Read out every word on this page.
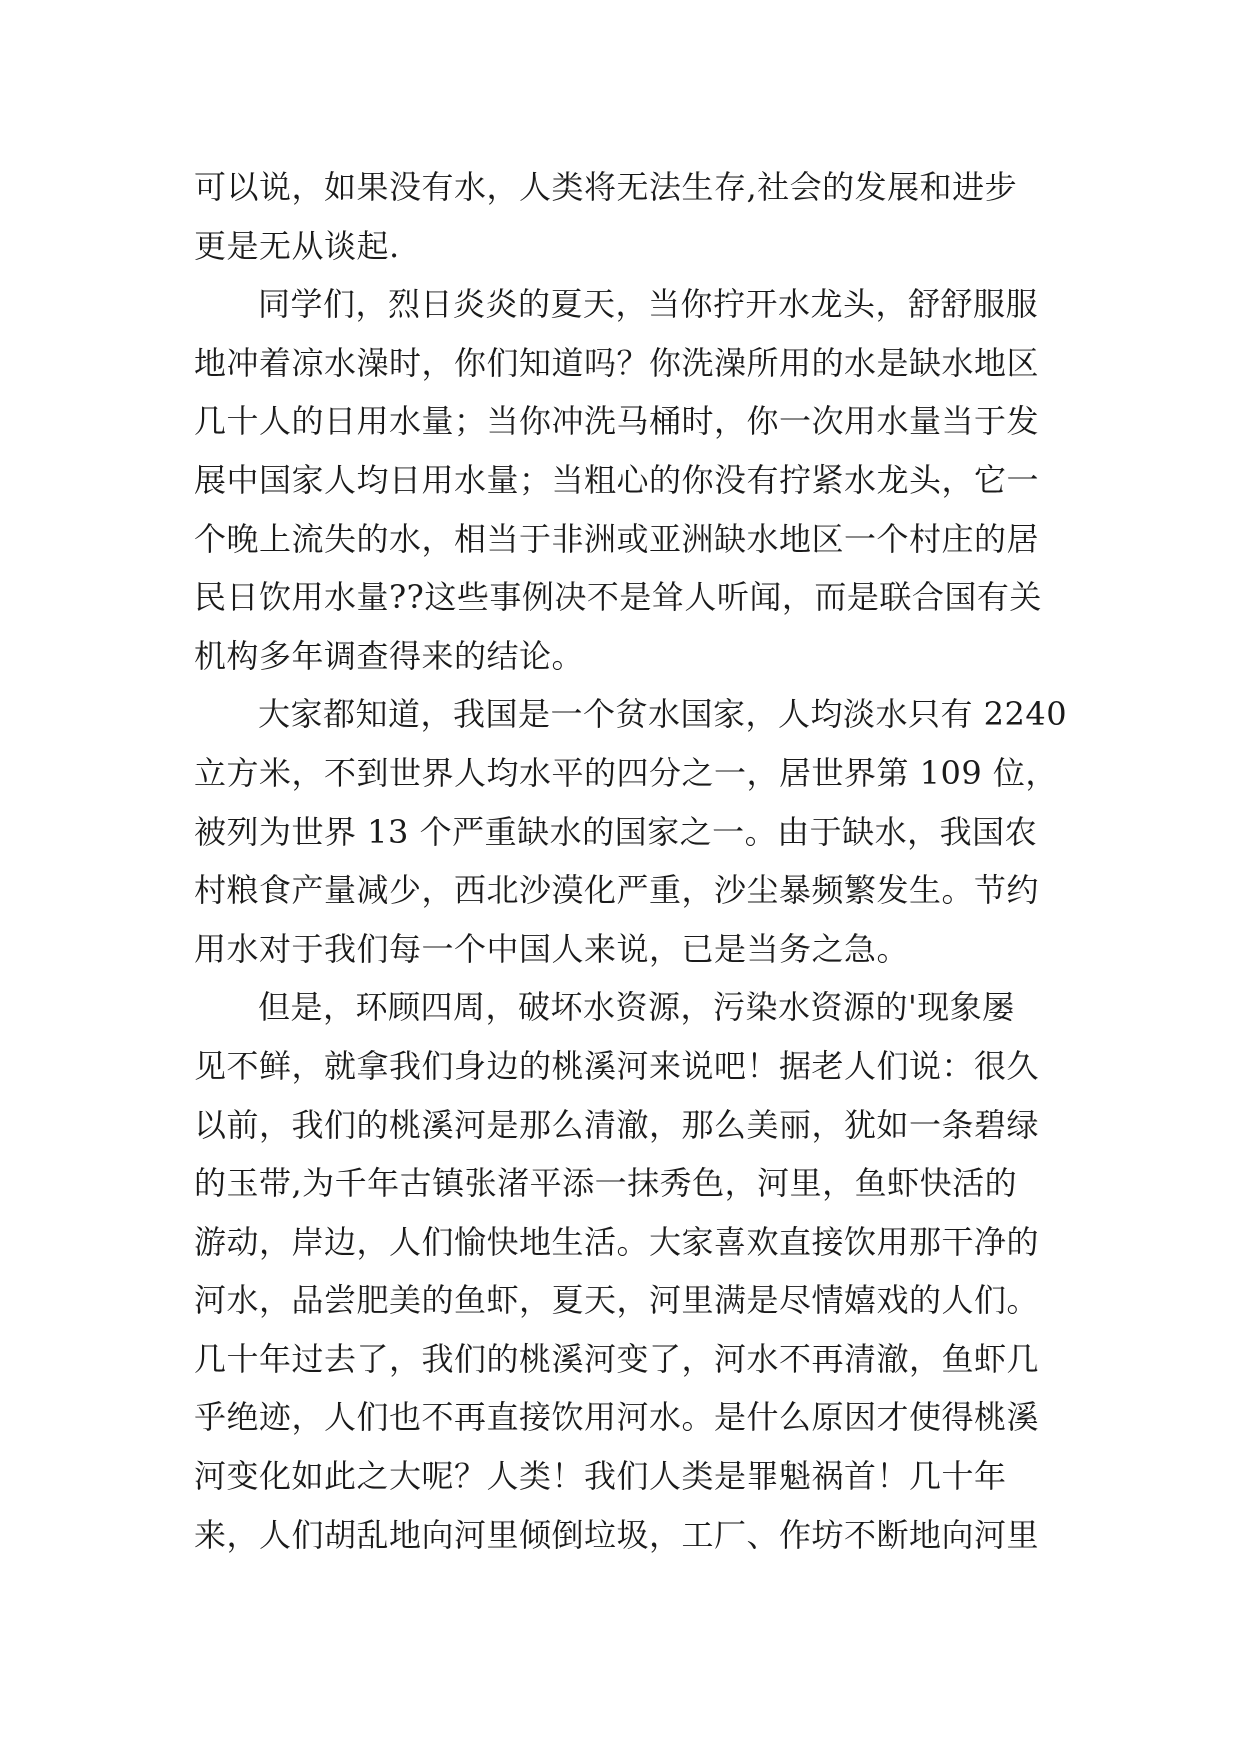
可以说，如果没有水，人类将无法生存,社会的发展和进步
更是无从谈起.
同学们，烈日炎炎的夏天，当你拧开水龙头，舒舒服服
地冲着凉水澡时，你们知道吗？你洗澡所用的水是缺水地区
几十人的日用水量；当你冲洗马桶时，你一次用水量当于发
展中国家人均日用水量；当粗心的你没有拧紧水龙头，它一
个晚上流失的水，相当于非洲或亚洲缺水地区一个村庄的居
民日饮用水量??这些事例决不是耸人听闻，而是联合国有关
机构多年调查得来的结论。
大家都知道，我国是一个贫水国家，人均淡水只有 2240
立方米，不到世界人均水平的四分之一，居世界第 109 位，
被列为世界 13 个严重缺水的国家之一。由于缺水，我国农
村粮食产量减少，西北沙漠化严重，沙尘暴频繁发生。节约
用水对于我们每一个中国人来说，已是当务之急。
但是，环顾四周，破坏水资源，污染水资源的'现象屡
见不鲜，就拿我们身边的桃溪河来说吧！据老人们说：很久
以前，我们的桃溪河是那么清澈，那么美丽，犹如一条碧绿
的玉带,为千年古镇张渚平添一抹秀色，河里，鱼虾快活的
游动，岸边，人们愉快地生活。大家喜欢直接饮用那干净的
河水，品尝肥美的鱼虾，夏天，河里满是尽情嬉戏的人们。
几十年过去了，我们的桃溪河变了，河水不再清澈，鱼虾几
乎绝迹，人们也不再直接饮用河水。是什么原因才使得桃溪
河变化如此之大呢？人类！我们人类是罪魁祸首！几十年
来，人们胡乱地向河里倾倒垃圾，工厂、作坊不断地向河里
